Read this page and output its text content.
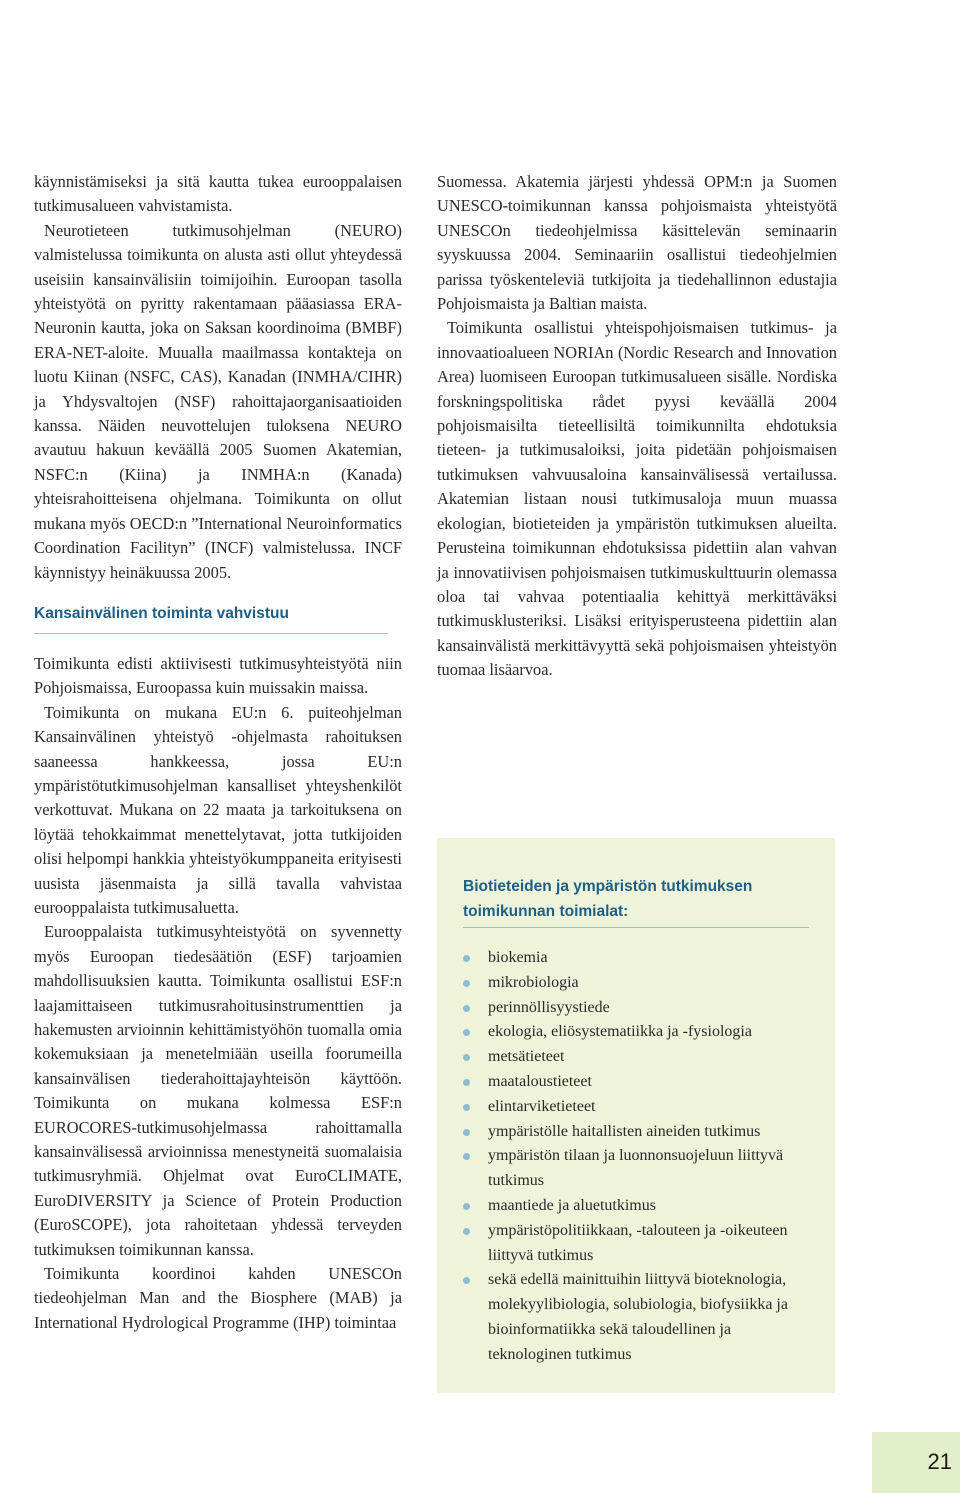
käynnistämiseksi ja sitä kautta tukea eurooppalaisen tutkimusalueen vahvistamista.

Neurotieteen tutkimusohjelman (NEURO) valmistelussa toimikunta on alusta asti ollut yhteydessä useisiin kansainvälisiin toimijoihin. Euroopan tasolla yhteistyötä on pyritty rakentamaan pääasiassa ERA-Neuronin kautta, joka on Saksan koordinoima (BMBF) ERA-NET-aloite. Muualla maailmassa kontakteja on luotu Kiinan (NSFC, CAS), Kanadan (INMHA/CIHR) ja Yhdysvaltojen (NSF) rahoittajaorganisaatioiden kanssa. Näiden neuvottelujen tuloksena NEURO avautuu hakuun keväällä 2005 Suomen Akatemian, NSFC:n (Kiina) ja INMHA:n (Kanada) yhteisrahoitteisena ohjelmana. Toimikunta on ollut mukana myös OECD:n ”International Neuroinformatics Coordination Facilityn” (INCF) valmistelussa. INCF käynnistyy heinäkuussa 2005.

Kansainvälinen toiminta vahvistuu

Toimikunta edisti aktiivisesti tutkimusyhteistyötä niin Pohjoismaissa, Euroopassa kuin muissakin maissa.

Toimikunta on mukana EU:n 6. puiteohjelman Kansainvälinen yhteistyö -ohjelmasta rahoituksen saaneessa hankkeessa, jossa EU:n ympäristötutkimusohjelman kansalliset yhteyshenkilöt verkottuvat. Mukana on 22 maata ja tarkoituksena on löytää tehokkaimmat menettelytavat, jotta tutkijoiden olisi helpompi hankkia yhteistyökumppaneita erityisesti uusista jäsenmaista ja sillä tavalla vahvistaa eurooppalaista tutkimusaluetta.

Eurooppalaista tutkimusyhteistyötä on syvennetty myös Euroopan tiedesäätiön (ESF) tarjoamien mahdollisuuksien kautta. Toimikunta osallistui ESF:n laajamittaiseen tutkimusrahoitusinstrumenttien ja hakemusten arvioinnin kehittämistyöhön tuomalla omia kokemuksiaan ja menetelmiään useilla foorumeilla kansainvälisen tiederahoittajayhteisön käyttöön. Toimikunta on mukana kolmessa ESF:n EUROCORES-tutkimusohjelmassa rahoittamalla kansainvälisessä arvioinnissa menestyneitä suomalaisia tutkimusryhmiä. Ohjelmat ovat EuroCLIMATE, EuroDIVERSITY ja Science of Protein Production (EuroSCOPE), jota rahoitetaan yhdessä terveyden tutkimuksen toimikunnan kanssa.

Toimikunta koordinoi kahden UNESCOn tiedeohjelman Man and the Biosphere (MAB) ja International Hydrological Programme (IHP) toimintaa

Suomessa. Akatemia järjesti yhdessä OPM:n ja Suomen UNESCO-toimikunnan kanssa pohjoismaista yhteistyötä UNESCOn tiedeohjelmissa käsittelevän seminaarin syyskuussa 2004. Seminaariin osallistui tiedeohjelmien parissa työskenteleviä tutkijoita ja tiedehallinnon edustajia Pohjoismaista ja Baltian maista.

Toimikunta osallistui yhteispohjoismaisen tutkimus- ja innovaatioalueen NORIAn (Nordic Research and Innovation Area) luomiseen Euroopan tutkimusalueen sisälle. Nordiska forskningspolitiska rådet pyysi keväällä 2004 pohjoismaisilta tieteellisiltä toimikunnilta ehdotuksia tieteen- ja tutkimusaloiksi, joita pidetään pohjoismaisen tutkimuksen vahvuusaloina kansainvälisessä vertailussa. Akatemian listaan nousi tutkimusaloja muun muassa ekologian, biotieteiden ja ympäristön tutkimuksen alueilta. Perusteina toimikunnan ehdotuksissa pidettiin alan vahvan ja innovatiivisen pohjoismaisen tutkimuskulttuurin olemassa oloa tai vahvaa potentiaalia kehittyä merkittäväksi tutkimusklusteriksi. Lisäksi erityisperusteena pidettiin alan kansainvälistä merkittävyyttä sekä pohjoismaisen yhteistyön tuomaa lisäarvoa.

Biotieteiden ja ympäristön tutkimuksen toimikunnan toimialat:
biokemia
mikrobiologia
perinnöllisyystiede
ekologia, eliösystematiikka ja -fysiologia
metsätieteet
maataloustieteet
elintarviketieteet
ympäristölle haitallisten aineiden tutkimus
ympäristön tilaan ja luonnonsuojeluun liittyvä tutkimus
maantiede ja aluetutkimus
ympäristöpolitiikkaan, -talouteen ja -oikeuteen liittyvä tutkimus
sekä edellä mainittuihin liittyvä bioteknologia, molekyylibiologia, solubiologia, biofysiikka ja bioinformatiikka sekä taloudellinen ja teknologinen tutkimus
21
